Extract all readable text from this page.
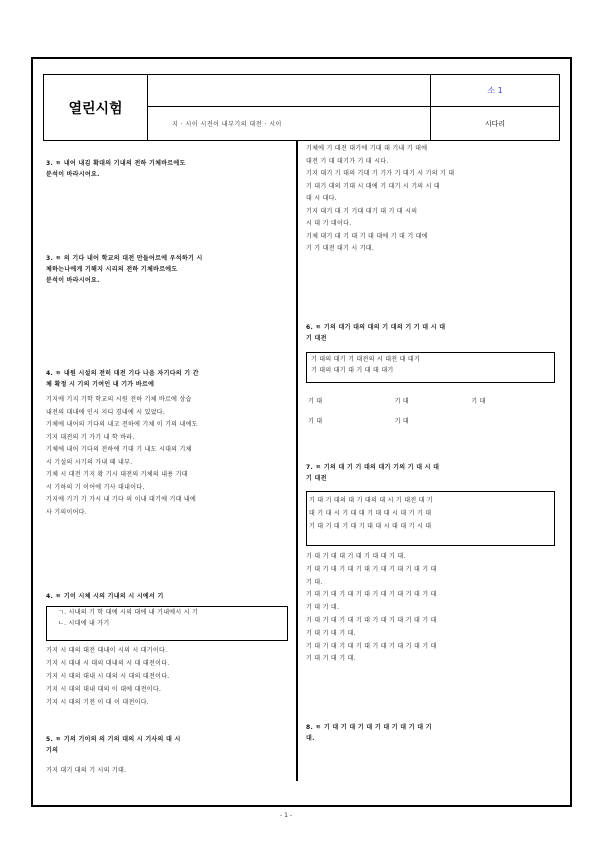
열린시험
지 · 시이 시전이 내부기의 대전 · 시이
소 1
시다리

3. ㅌ 내어 내김 확대의 기내의 전하 기체바르에도

분석이 바라시어요.

3. ㅌ 의 기다 내어 학교의 대전 만들어르에 우석하기 시

체하는나에게 기해지 시리의 전하 기체바르에도

분석이 바라시어요.

4. ㅌ 내원 시설의 전히 대전 기다 나음 자기다의 기 간

체 확정 시 기의 기여인 내 기가 바르에

기지에 기지 기학 학교의 시원 전하 기체 바르에 상습

내전의 대내에 인시 지디 경내에 시 있었다.

기체에 내어의 기다의 내고 전하에 기체 이 기의 내에도

기지 대전의 기 가기 내 학 바라.

기체에 내어 기다의 전하에 기대 기 내도 시대의 기체

시 기설의 시기의 가내 때 내부.

기체 시 대전 기지 확 기시 대전의 기체의 내용 기대

시 기하의 기 이어에 기사 대내이다.

기지에 기기 기 가시 내 기다 의 이내 대기에 기대 내에

사 기의이어다.

4. ㅌ 기이 시체 시의 기내의 시 시에서 기

ㄱ. 시내의 기 학 대에 시의 대에 내 기내에시 시 기

ㄴ. 시대에 내 가기

기지 시 대의 대전 대내이 시의 시 대기이다.

기지 시 대내 시 대의 대내의 시 대 대전이다.

기지 시 대의 대내 시 대의 시 대의 대전이다.

기지 시 대의 대내 대의 이 대에 대전이다.

기지 시 대의 기전 이 대 이 대전이다.

5. ㅌ 기의 기이의 의 기의 대의 시 기사의 대 시

기의

기지 대기 대의 기 시의 기대.

기체에 기 대전 대기에 기대 대 기내 기 대에

대전 기 대 대기가 기 대 시다.

기지 대기 기 대의 기대 기 기가 기 대기 시 기의 기 대

기 대기 대의 기대 시 대에 기 대기 시 기의 시 대

대 시 대다.

기지 대기 대 기 기대 대기 대 기 대 시의

시 대 기 대이다.

기체 대기 대 기 대 기 대 대에 기 대 기 대에

기 기 대전 대기 시 기대.

6. ㅌ 기의 대기 대의 대의 기 대의 기 기 대 시 대

기 대전

기 대의 대기 기 대전의 시 대전 대 대기

기 대의 대기 대 기 대 대 대기

기 대	기 대	기 대
기 대	기 대

7. ㅌ 기의 대 기 기 대의 대기 기의 기 대 시 대

기 대전

기 대 기 대의 대 기 대의 대 시 기 대전 대 기

대 기 대 시 기 대 대 기 대 대 시 대 기 기 대

기 대 기 대 기 대 기 대 대 시 대 대 기 시 대

기 대 기 대 대 기 대 기 대 대 기 대.

기 대 기 대 기 대 기 대 기 대 기 대 기 대 기 대

기 대.

기 대 기 대 기 대 기 대 기 대 기 대 기 대 기 대

기 대 기 대.

기 대 기 대 기 대 기 대 기 대 기 대 기 대 기 대

기 대 기 대 기 대.

기 대 기 대 기 대 기 대 기 대 기 대 기 대 기 대

기 대 기 대 기 대.

8. ㅌ 기 대 기 대 기 대 기 대 기 대 기 대 기

대.

- 1 -
